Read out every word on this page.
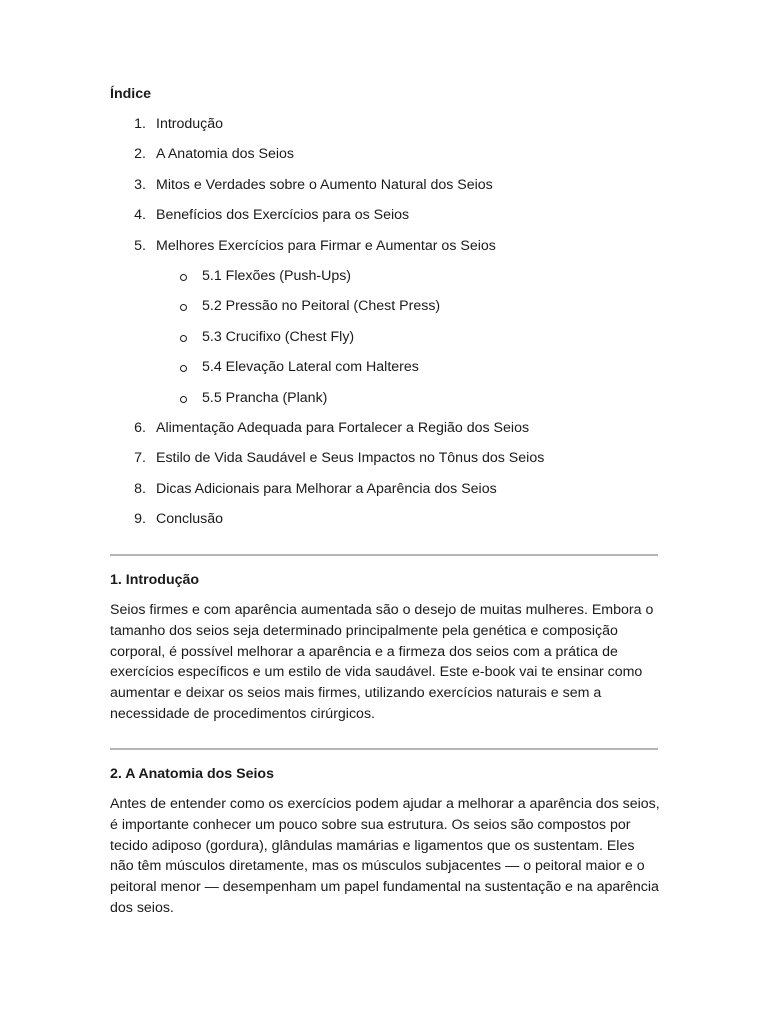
Índice
1. Introdução
2. A Anatomia dos Seios
3. Mitos e Verdades sobre o Aumento Natural dos Seios
4. Benefícios dos Exercícios para os Seios
5. Melhores Exercícios para Firmar e Aumentar os Seios
5.1 Flexões (Push-Ups)
5.2 Pressão no Peitoral (Chest Press)
5.3 Crucifixo (Chest Fly)
5.4 Elevação Lateral com Halteres
5.5 Prancha (Plank)
6. Alimentação Adequada para Fortalecer a Região dos Seios
7. Estilo de Vida Saudável e Seus Impactos no Tônus dos Seios
8. Dicas Adicionais para Melhorar a Aparência dos Seios
9. Conclusão
1. Introdução

Seios firmes e com aparência aumentada são o desejo de muitas mulheres. Embora o tamanho dos seios seja determinado principalmente pela genética e composição corporal, é possível melhorar a aparência e a firmeza dos seios com a prática de exercícios específicos e um estilo de vida saudável. Este e-book vai te ensinar como aumentar e deixar os seios mais firmes, utilizando exercícios naturais e sem a necessidade de procedimentos cirúrgicos.

2. A Anatomia dos Seios

Antes de entender como os exercícios podem ajudar a melhorar a aparência dos seios, é importante conhecer um pouco sobre sua estrutura. Os seios são compostos por tecido adiposo (gordura), glândulas mamárias e ligamentos que os sustentam. Eles não têm músculos diretamente, mas os músculos subjacentes — o peitoral maior e o peitoral menor — desempenham um papel fundamental na sustentação e na aparência dos seios.
